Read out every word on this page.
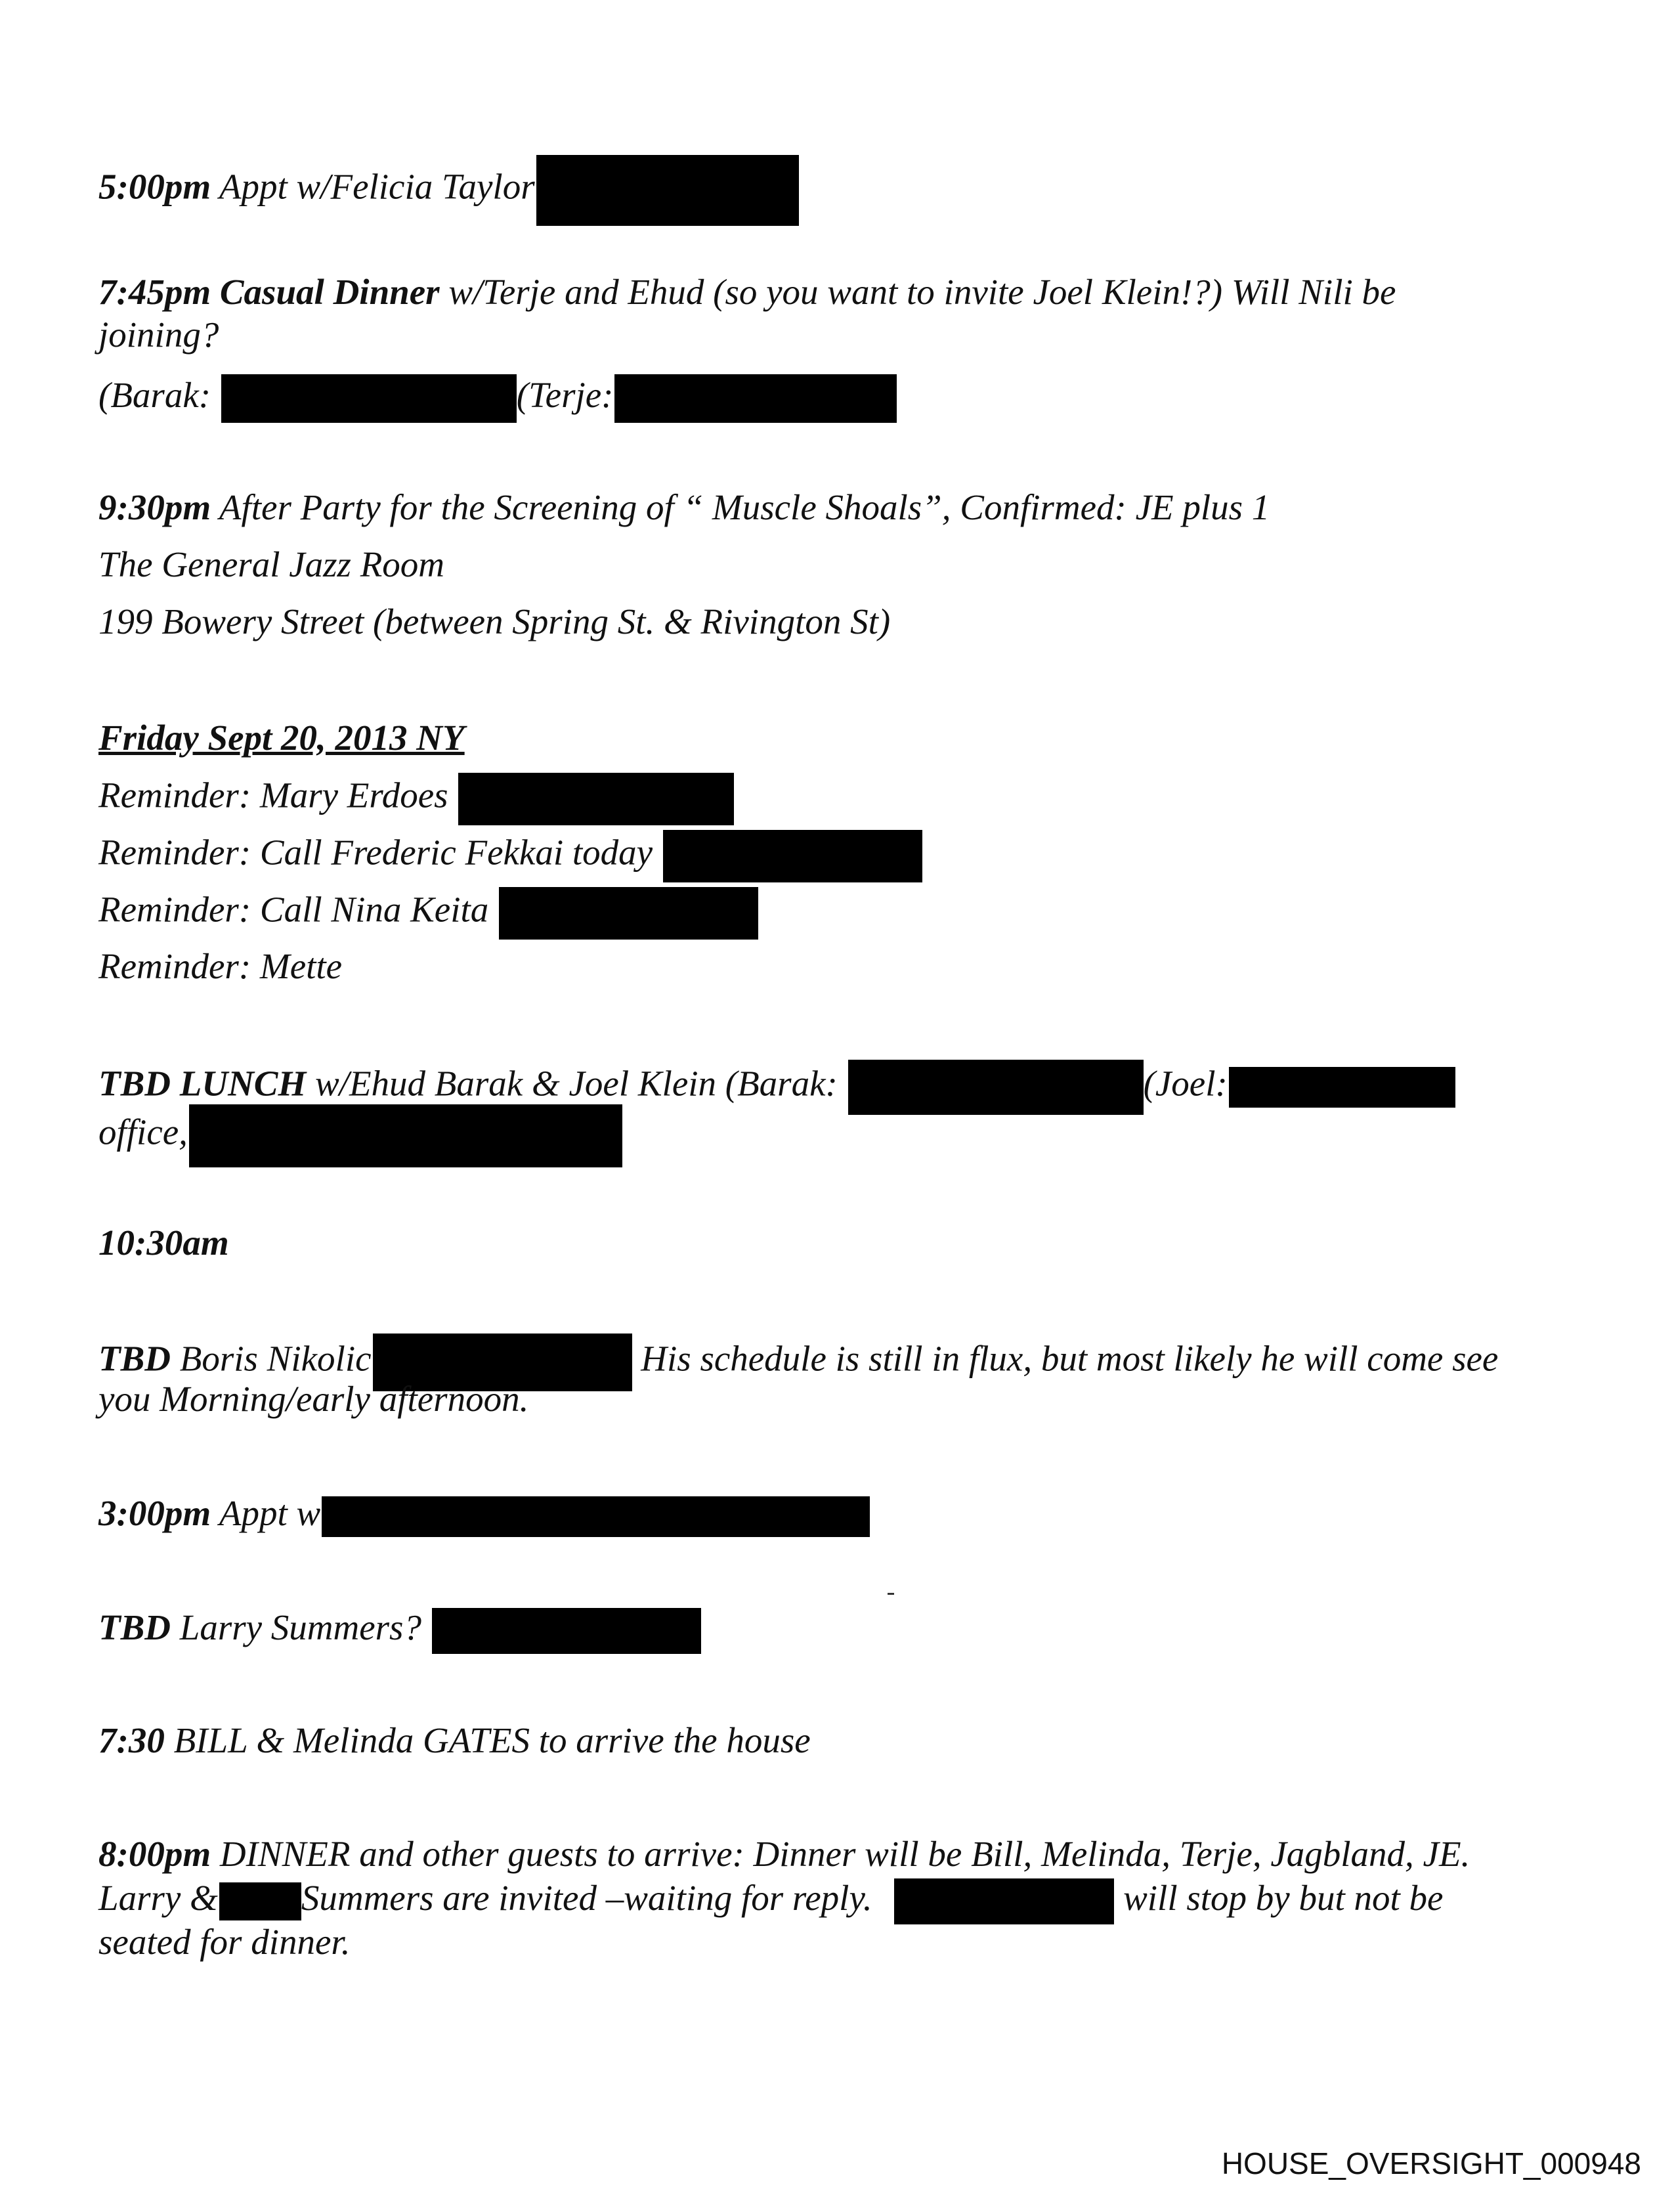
5:00pm Appt w/Felicia Taylor
7:45pm Casual Dinner w/Terje and Ehud (so you want to invite Joel Klein!?) Will Nili be
joining?
(Barak:	(Terje:
9:30pm After Party for the Screening of “ Muscle Shoals”, Confirmed: JE plus 1
The General Jazz Room
199 Bowery Street (between Spring St. & Rivington St)
Friday Sept 20, 2013 NY
Reminder: Mary Erdoes
Reminder: Call Frederic Fekkai today
Reminder: Call Nina Keita
Reminder: Mette
TBD LUNCH w/Ehud Barak & Joel Klein (Barak:	(Joel:
office,
10:30am
TBD Boris Nikolic	His schedule is still in flux, but most likely he will come see
you Morning/early afternoon.
3:00pm Appt w
TBD Larry Summers?
7:30 BILL & Melinda GATES to arrive the house
8:00pm DINNER and other guests to arrive: Dinner will be Bill, Melinda, Terje, Jagbland, JE.
Larry & Summers are invited –waiting for reply.	will stop by but not be
seated for dinner.
HOUSE_OVERSIGHT_000948
